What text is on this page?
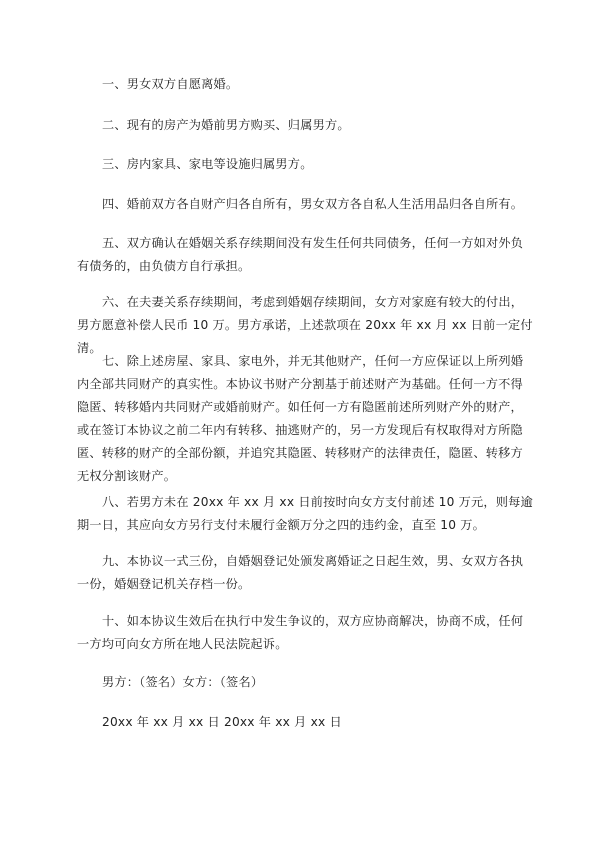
一、男女双方自愿离婚。

二、现有的房产为婚前男方购买、归属男方。

三、房内家具、家电等设施归属男方。

四、婚前双方各自财产归各自所有，男女双方各自私人生活用品归各自所有。

五、双方确认在婚姻关系存续期间没有发生任何共同债务，任何一方如对外负有债务的，由负债方自行承担。

六、在夫妻关系存续期间，考虑到婚姻存续期间，女方对家庭有较大的付出，男方愿意补偿人民币 10 万。男方承诺，上述款项在 20xx 年 xx 月 xx 日前一定付清。

七、除上述房屋、家具、家电外，并无其他财产，任何一方应保证以上所列婚内全部共同财产的真实性。本协议书财产分割基于前述财产为基础。任何一方不得隐匿、转移婚内共同财产或婚前财产。如任何一方有隐匿前述所列财产外的财产，或在签订本协议之前二年内有转移、抽逃财产的，另一方发现后有权取得对方所隐匿、转移的财产的全部份额，并追究其隐匿、转移财产的法律责任，隐匿、转移方无权分割该财产。

八、若男方未在 20xx 年 xx 月 xx 日前按时向女方支付前述 10 万元，则每逾期一日，其应向女方另行支付未履行金额万分之四的违约金，直至 10 万。

九、本协议一式三份，自婚姻登记处颁发离婚证之日起生效，男、女双方各执一份，婚姻登记机关存档一份。

十、如本协议生效后在执行中发生争议的，双方应协商解决，协商不成，任何一方均可向女方所在地人民法院起诉。

男方：（签名）女方：（签名）

20xx 年 xx 月 xx 日 20xx 年 xx 月 xx 日
